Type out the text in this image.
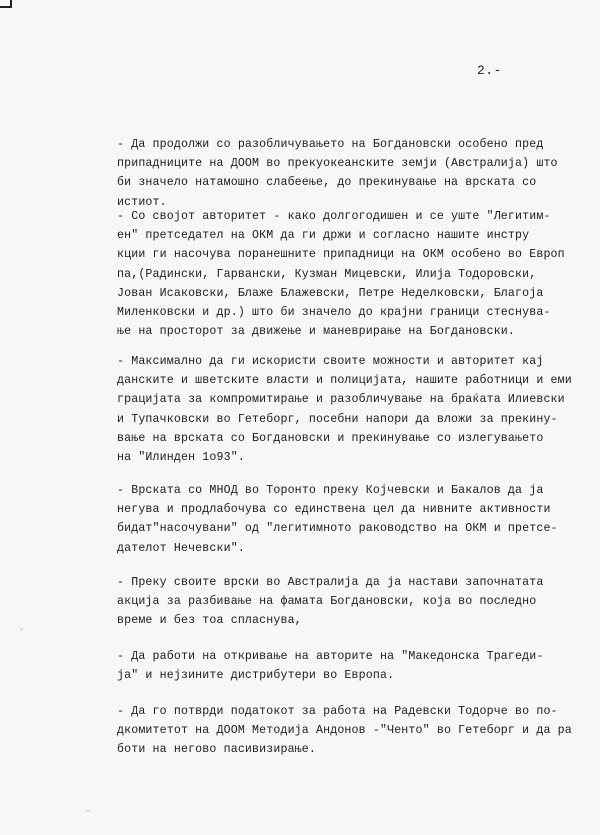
2.-
- Да продолжи со разобличувањето на Богдановски особено пред
припадниците на ДООМ во прекуокеанските земји (Австралија) што
би значело натамошно слабеење, до прекинување на врската со
истиот.
- Со својот авторитет - како долгогодишен и се уште "Легитим-
ен" претседател на ОКМ да ги држи и согласно нашите инстру
кции ги насочува поранешните припадници на ОКМ особено во Европ
па,(Радински, Гарвански, Кузман Мицевски, Илија Тодоровски,
Јован Исаковски, Блаже Блажевски, Петре Неделковски, Благоја
Миленковски и др.) што би значело до крајни граници стеснува-
ње на просторот за движење и маневрирање на Богдановски.
- Максимално да ги искористи своите можности и авторитет кај
данските и шветските власти и полицијата, нашите работници и еми
грацијата за компромитирање и разобличување на браќата Илиевски
и Тупачковски во Гетеборг, посебни напори да вложи за прекину-
вање на врската со Богдановски и прекинување со излегувањето
на "Илинден 1о93".
- Врската со МНОД во Торонто преку Којчевски и Бакалов да ја
негува и продлабочува со единствена цел да нивните активности
бидат"насочувани" од "легитимното раководство на ОКМ и претсе-
дателот Нечевски".
- Преку своите врски во Австралија да ја настави започнатата
акција за разбивање на фамата Богдановски, која во последно
време и без тоа спласнува,
- Да работи на откривање на авторите на "Македонска Трагеди-
ја" и нејзините дистрибутери во Европа.
- Да го потврди податокот за работа на Радевски Тодорче во по-
дкомитетот на ДООМ Методија Андонов -"Ченто" во Гетеборг и да ра
боти на негово пасивизирање.
